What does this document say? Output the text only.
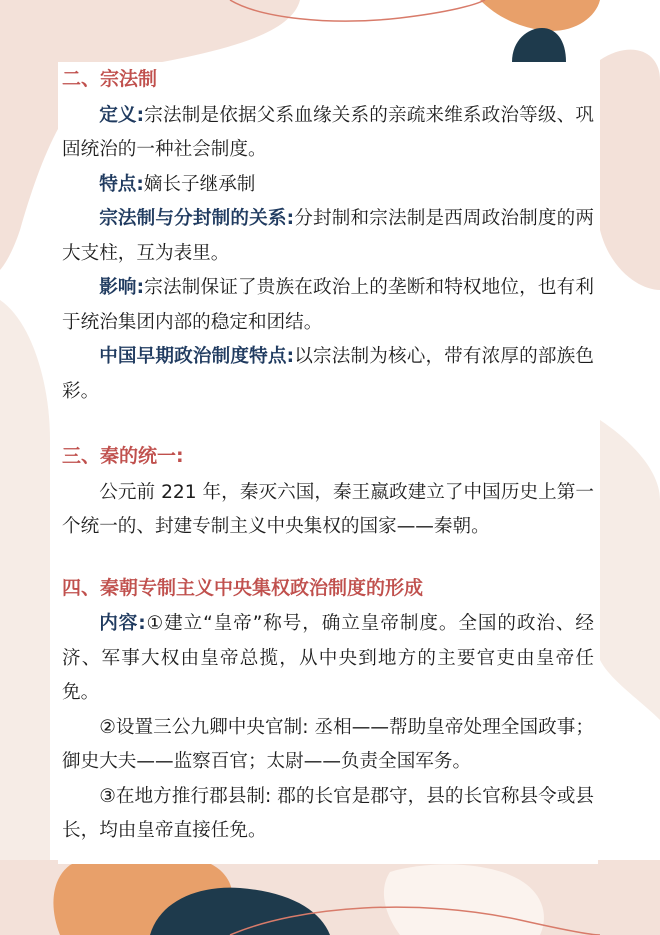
二、宗法制

定义:宗法制是依据父系血缘关系的亲疏来维系政治等级、巩固统治的一种社会制度。

特点:嫡长子继承制

宗法制与分封制的关系:分封制和宗法制是西周政治制度的两大支柱，互为表里。

影响:宗法制保证了贵族在政治上的垄断和特权地位，也有利于统治集团内部的稳定和团结。

中国早期政治制度特点:以宗法制为核心，带有浓厚的部族色彩。

三、秦的统一:

公元前 221 年，秦灭六国，秦王嬴政建立了中国历史上第一个统一的、封建专制主义中央集权的国家——秦朝。

四、秦朝专制主义中央集权政治制度的形成

内容:①建立“皇帝”称号，确立皇帝制度。全国的政治、经济、军事大权由皇帝总揽，从中央到地方的主要官吏由皇帝任免。

②设置三公九卿中央官制: 丞相——帮助皇帝处理全国政事；御史大夫——监察百官；太尉——负责全国军务。

③在地方推行郡县制: 郡的长官是郡守，县的长官称县令或县长，均由皇帝直接任免。
